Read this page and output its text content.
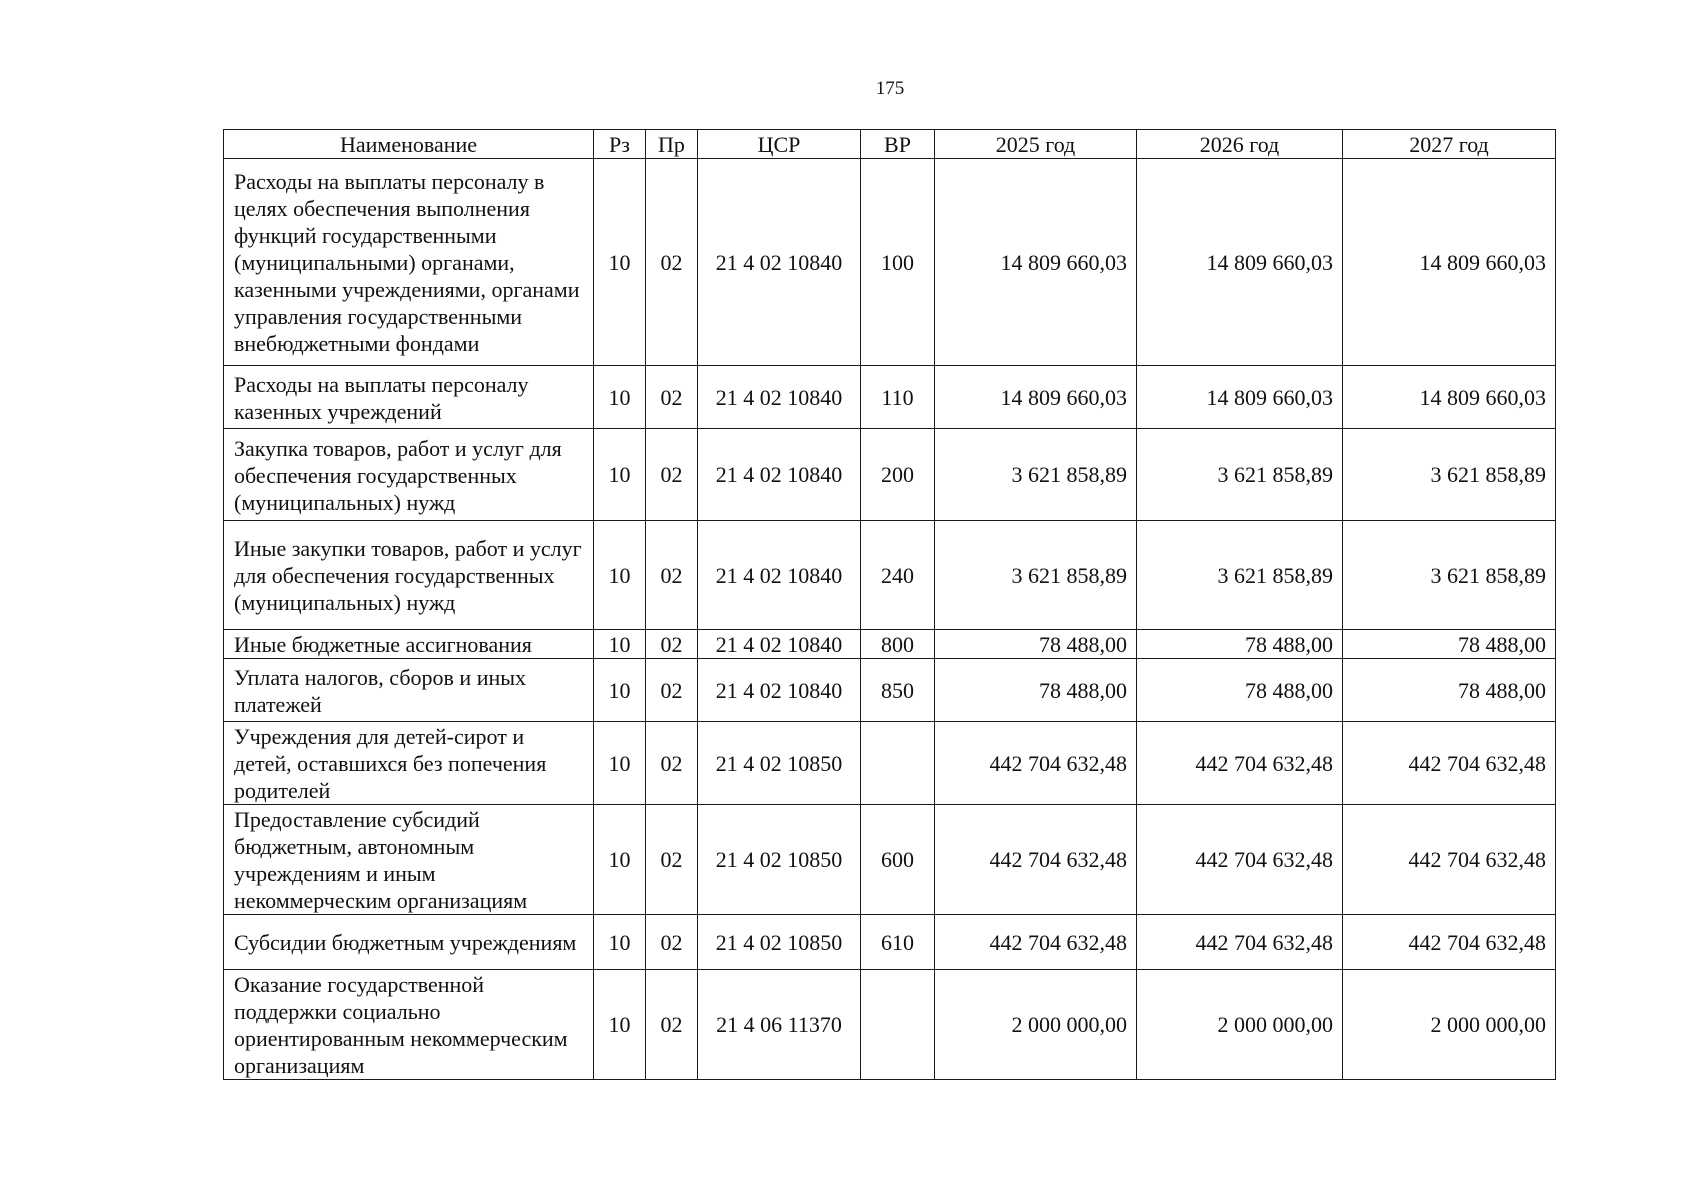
175
Наименование	Рз	Пр	ЦСР	ВР	2025 год	2026 год	2027 год
Расходы на выплаты персоналу в целях обеспечения выполнения функций государственными (муниципальными) органами, казенными учреждениями, органами управления государственными внебюджетными фондами	10	02	21 4 02 10840	100	14 809 660,03	14 809 660,03	14 809 660,03
Расходы на выплаты персоналу казенных учреждений	10	02	21 4 02 10840	110	14 809 660,03	14 809 660,03	14 809 660,03
Закупка товаров, работ и услуг для обеспечения государственных (муниципальных) нужд	10	02	21 4 02 10840	200	3 621 858,89	3 621 858,89	3 621 858,89
Иные закупки товаров, работ и услуг для обеспечения государственных (муниципальных) нужд	10	02	21 4 02 10840	240	3 621 858,89	3 621 858,89	3 621 858,89
Иные бюджетные ассигнования	10	02	21 4 02 10840	800	78 488,00	78 488,00	78 488,00
Уплата налогов, сборов и иных платежей	10	02	21 4 02 10840	850	78 488,00	78 488,00	78 488,00
Учреждения для детей-сирот и детей, оставшихся без попечения родителей	10	02	21 4 02 10850		442 704 632,48	442 704 632,48	442 704 632,48
Предоставление субсидий бюджетным, автономным учреждениям и иным некоммерческим организациям	10	02	21 4 02 10850	600	442 704 632,48	442 704 632,48	442 704 632,48
Субсидии бюджетным учреждениям	10	02	21 4 02 10850	610	442 704 632,48	442 704 632,48	442 704 632,48
Оказание государственной поддержки социально ориентированным некоммерческим организациям	10	02	21 4 06 11370		2 000 000,00	2 000 000,00	2 000 000,00
